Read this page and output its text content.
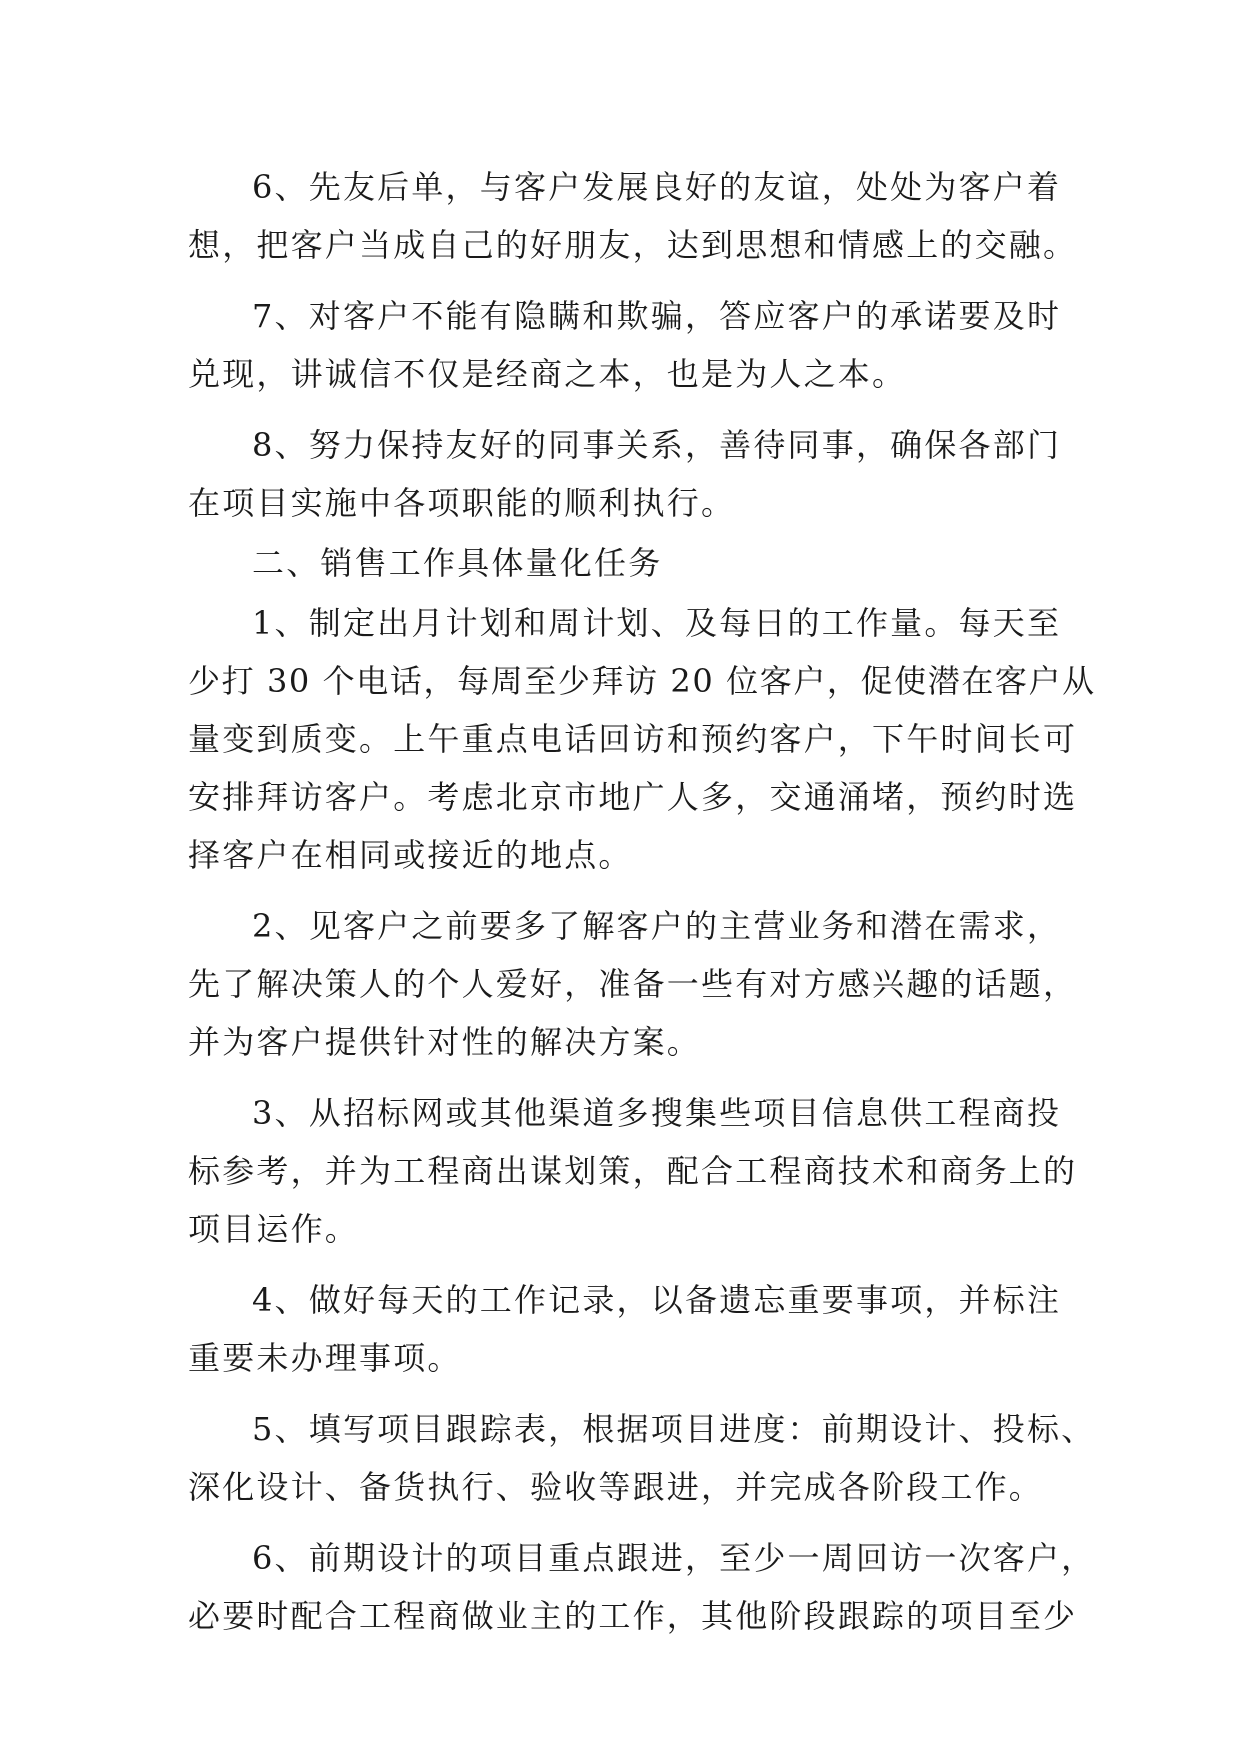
6、先友后单，与客户发展良好的友谊，处处为客户着
想，把客户当成自己的好朋友，达到思想和情感上的交融。
7、对客户不能有隐瞒和欺骗，答应客户的承诺要及时
兑现，讲诚信不仅是经商之本，也是为人之本。
8、努力保持友好的同事关系，善待同事，确保各部门
在项目实施中各项职能的顺利执行。
二、销售工作具体量化任务
1、制定出月计划和周计划、及每日的工作量。每天至
少打 30 个电话，每周至少拜访 20 位客户，促使潜在客户从
量变到质变。上午重点电话回访和预约客户，下午时间长可
安排拜访客户。考虑北京市地广人多，交通涌堵，预约时选
择客户在相同或接近的地点。
2、见客户之前要多了解客户的主营业务和潜在需求，
先了解决策人的个人爱好，准备一些有对方感兴趣的话题，
并为客户提供针对性的解决方案。
3、从招标网或其他渠道多搜集些项目信息供工程商投
标参考，并为工程商出谋划策，配合工程商技术和商务上的
项目运作。
4、做好每天的工作记录，以备遗忘重要事项，并标注
重要未办理事项。
5、填写项目跟踪表，根据项目进度：前期设计、投标、
深化设计、备货执行、验收等跟进，并完成各阶段工作。
6、前期设计的项目重点跟进，至少一周回访一次客户，
必要时配合工程商做业主的工作，其他阶段跟踪的项目至少
